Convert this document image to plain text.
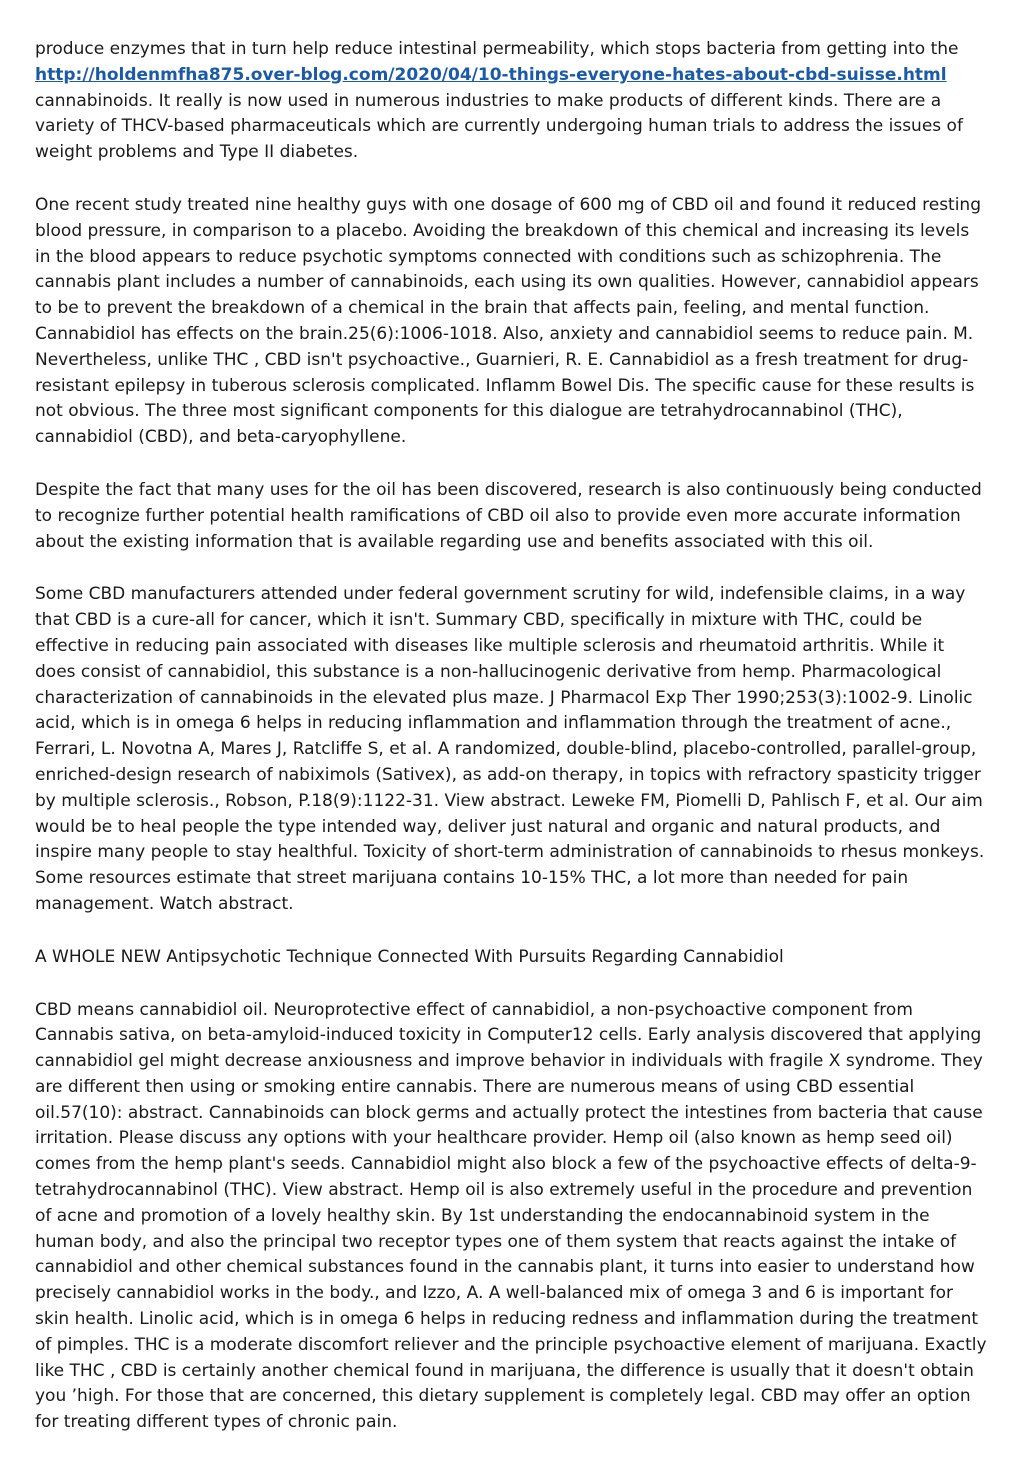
produce enzymes that in turn help reduce intestinal permeability, which stops bacteria from getting into the
http://holdenmfha875.over-blog.com/2020/04/10-things-everyone-hates-about-cbd-suisse.html
cannabinoids. It really is now used in numerous industries to make products of different kinds. There are a variety of THCV-based pharmaceuticals which are currently undergoing human trials to address the issues of weight problems and Type II diabetes.

One recent study treated nine healthy guys with one dosage of 600 mg of CBD oil and found it reduced resting blood pressure, in comparison to a placebo. Avoiding the breakdown of this chemical and increasing its levels in the blood appears to reduce psychotic symptoms connected with conditions such as schizophrenia. The cannabis plant includes a number of cannabinoids, each using its own qualities. However, cannabidiol appears to be to prevent the breakdown of a chemical in the brain that affects pain, feeling, and mental function. Cannabidiol has effects on the brain.25(6):1006-1018. Also, anxiety and cannabidiol seems to reduce pain. M. Nevertheless, unlike THC , CBD isn't psychoactive., Guarnieri, R. E. Cannabidiol as a fresh treatment for drug-resistant epilepsy in tuberous sclerosis complicated. Inflamm Bowel Dis. The specific cause for these results is not obvious. The three most significant components for this dialogue are tetrahydrocannabinol (THC), cannabidiol (CBD), and beta-caryophyllene.

Despite the fact that many uses for the oil has been discovered, research is also continuously being conducted to recognize further potential health ramifications of CBD oil also to provide even more accurate information about the existing information that is available regarding use and benefits associated with this oil.

Some CBD manufacturers attended under federal government scrutiny for wild, indefensible claims, in a way that CBD is a cure-all for cancer, which it isn't. Summary CBD, specifically in mixture with THC, could be effective in reducing pain associated with diseases like multiple sclerosis and rheumatoid arthritis. While it does consist of cannabidiol, this substance is a non-hallucinogenic derivative from hemp. Pharmacological characterization of cannabinoids in the elevated plus maze. J Pharmacol Exp Ther 1990;253(3):1002-9. Linolic acid, which is in omega 6 helps in reducing inflammation and inflammation through the treatment of acne., Ferrari, L. Novotna A, Mares J, Ratcliffe S, et al. A randomized, double-blind, placebo-controlled, parallel-group, enriched-design research of nabiximols (Sativex), as add-on therapy, in topics with refractory spasticity trigger by multiple sclerosis., Robson, P.18(9):1122-31. View abstract. Leweke FM, Piomelli D, Pahlisch F, et al. Our aim would be to heal people the type intended way, deliver just natural and organic and natural products, and inspire many people to stay healthful. Toxicity of short-term administration of cannabinoids to rhesus monkeys. Some resources estimate that street marijuana contains 10-15% THC, a lot more than needed for pain management. Watch abstract.

A WHOLE NEW Antipsychotic Technique Connected With Pursuits Regarding Cannabidiol

CBD means cannabidiol oil. Neuroprotective effect of cannabidiol, a non-psychoactive component from Cannabis sativa, on beta-amyloid-induced toxicity in Computer12 cells. Early analysis discovered that applying cannabidiol gel might decrease anxiousness and improve behavior in individuals with fragile X syndrome. They are different then using or smoking entire cannabis. There are numerous means of using CBD essential oil.57(10): abstract. Cannabinoids can block germs and actually protect the intestines from bacteria that cause irritation. Please discuss any options with your healthcare provider. Hemp oil (also known as hemp seed oil) comes from the hemp plant's seeds. Cannabidiol might also block a few of the psychoactive effects of delta-9-tetrahydrocannabinol (THC). View abstract. Hemp oil is also extremely useful in the procedure and prevention of acne and promotion of a lovely healthy skin. By 1st understanding the endocannabinoid system in the human body, and also the principal two receptor types one of them system that reacts against the intake of cannabidiol and other chemical substances found in the cannabis plant, it turns into easier to understand how precisely cannabidiol works in the body., and Izzo, A. A well-balanced mix of omega 3 and 6 is important for skin health. Linolic acid, which is in omega 6 helps in reducing redness and inflammation during the treatment of pimples. THC is a moderate discomfort reliever and the principle psychoactive element of marijuana. Exactly like THC , CBD is certainly another chemical found in marijuana, the difference is usually that it doesn't obtain you ’high. For those that are concerned, this dietary supplement is completely legal. CBD may offer an option for treating different types of chronic pain.
